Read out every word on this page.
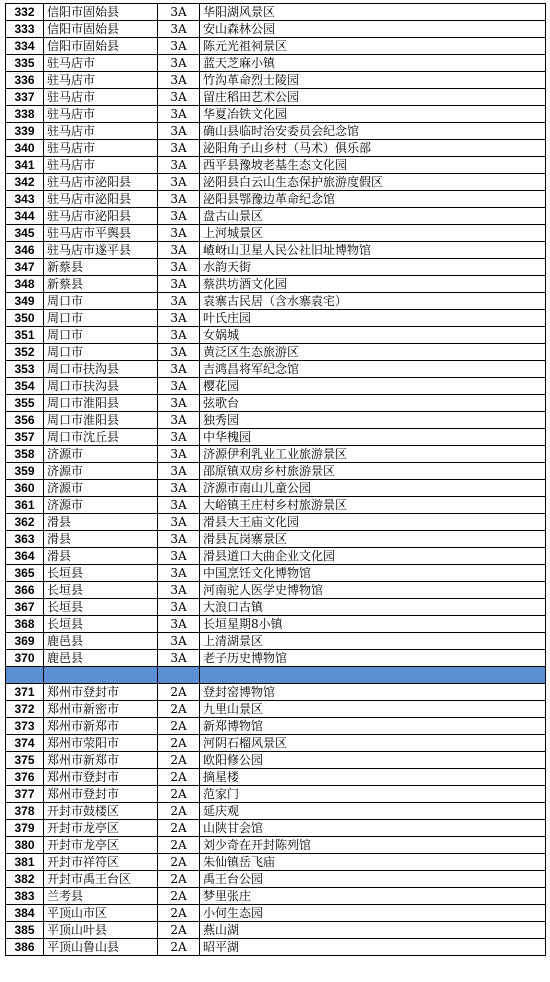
332	信阳市固始县	3A	华阳湖风景区
333	信阳市固始县	3A	安山森林公园
334	信阳市固始县	3A	陈元光祖祠景区
335	驻马店市	3A	蓝天芝麻小镇
336	驻马店市	3A	竹沟革命烈士陵园
337	驻马店市	3A	留庄稻田艺术公园
338	驻马店市	3A	华夏冶铁文化园
339	驻马店市	3A	确山县临时治安委员会纪念馆
340	驻马店市	3A	泌阳角子山乡村（马术）俱乐部
341	驻马店市	3A	西平县豫坡老基生态文化园
342	驻马店市泌阳县	3A	泌阳县白云山生态保护旅游度假区
343	驻马店市泌阳县	3A	泌阳县鄂豫边革命纪念馆
344	驻马店市泌阳县	3A	盘古山景区
345	驻马店市平舆县	3A	上河城景区
346	驻马店市遂平县	3A	嵖岈山卫星人民公社旧址博物馆
347	新蔡县	3A	水韵天街
348	新蔡县	3A	蔡洪坊酒文化园
349	周口市	3A	袁寨古民居（含水寨袁宅）
350	周口市	3A	叶氏庄园
351	周口市	3A	女娲城
352	周口市	3A	黄泛区生态旅游区
353	周口市扶沟县	3A	吉鸿昌将军纪念馆
354	周口市扶沟县	3A	樱花园
355	周口市淮阳县	3A	弦歌台
356	周口市淮阳县	3A	独秀园
357	周口市沈丘县	3A	中华槐园
358	济源市	3A	济源伊利乳业工业旅游景区
359	济源市	3A	邵原镇双房乡村旅游景区
360	济源市	3A	济源市南山儿童公园
361	济源市	3A	大峪镇王庄村乡村旅游景区
362	滑县	3A	滑县大王庙文化园
363	滑县	3A	滑县瓦岗寨景区
364	滑县	3A	滑县道口大曲企业文化园
365	长垣县	3A	中国烹饪文化博物馆
366	长垣县	3A	河南驼人医学史博物馆
367	长垣县	3A	大浪口古镇
368	长垣县	3A	长垣星期8小镇
369	鹿邑县	3A	上清湖景区
370	鹿邑县	3A	老子历史博物馆

371	郑州市登封市	2A	登封窑博物馆
372	郑州市新密市	2A	九里山景区
373	郑州市新郑市	2A	新郑博物馆
374	郑州市荥阳市	2A	河阴石榴风景区
375	郑州市新郑市	2A	欧阳修公园
376	郑州市登封市	2A	摘星楼
377	郑州市登封市	2A	范家门
378	开封市鼓楼区	2A	延庆观
379	开封市龙亭区	2A	山陕甘会馆
380	开封市龙亭区	2A	刘少奇在开封陈列馆
381	开封市祥符区	2A	朱仙镇岳飞庙
382	开封市禹王台区	2A	禹王台公园
383	兰考县	2A	梦里张庄
384	平顶山市区	2A	小何生态园
385	平顶山叶县	2A	燕山湖
386	平顶山鲁山县	2A	昭平湖
